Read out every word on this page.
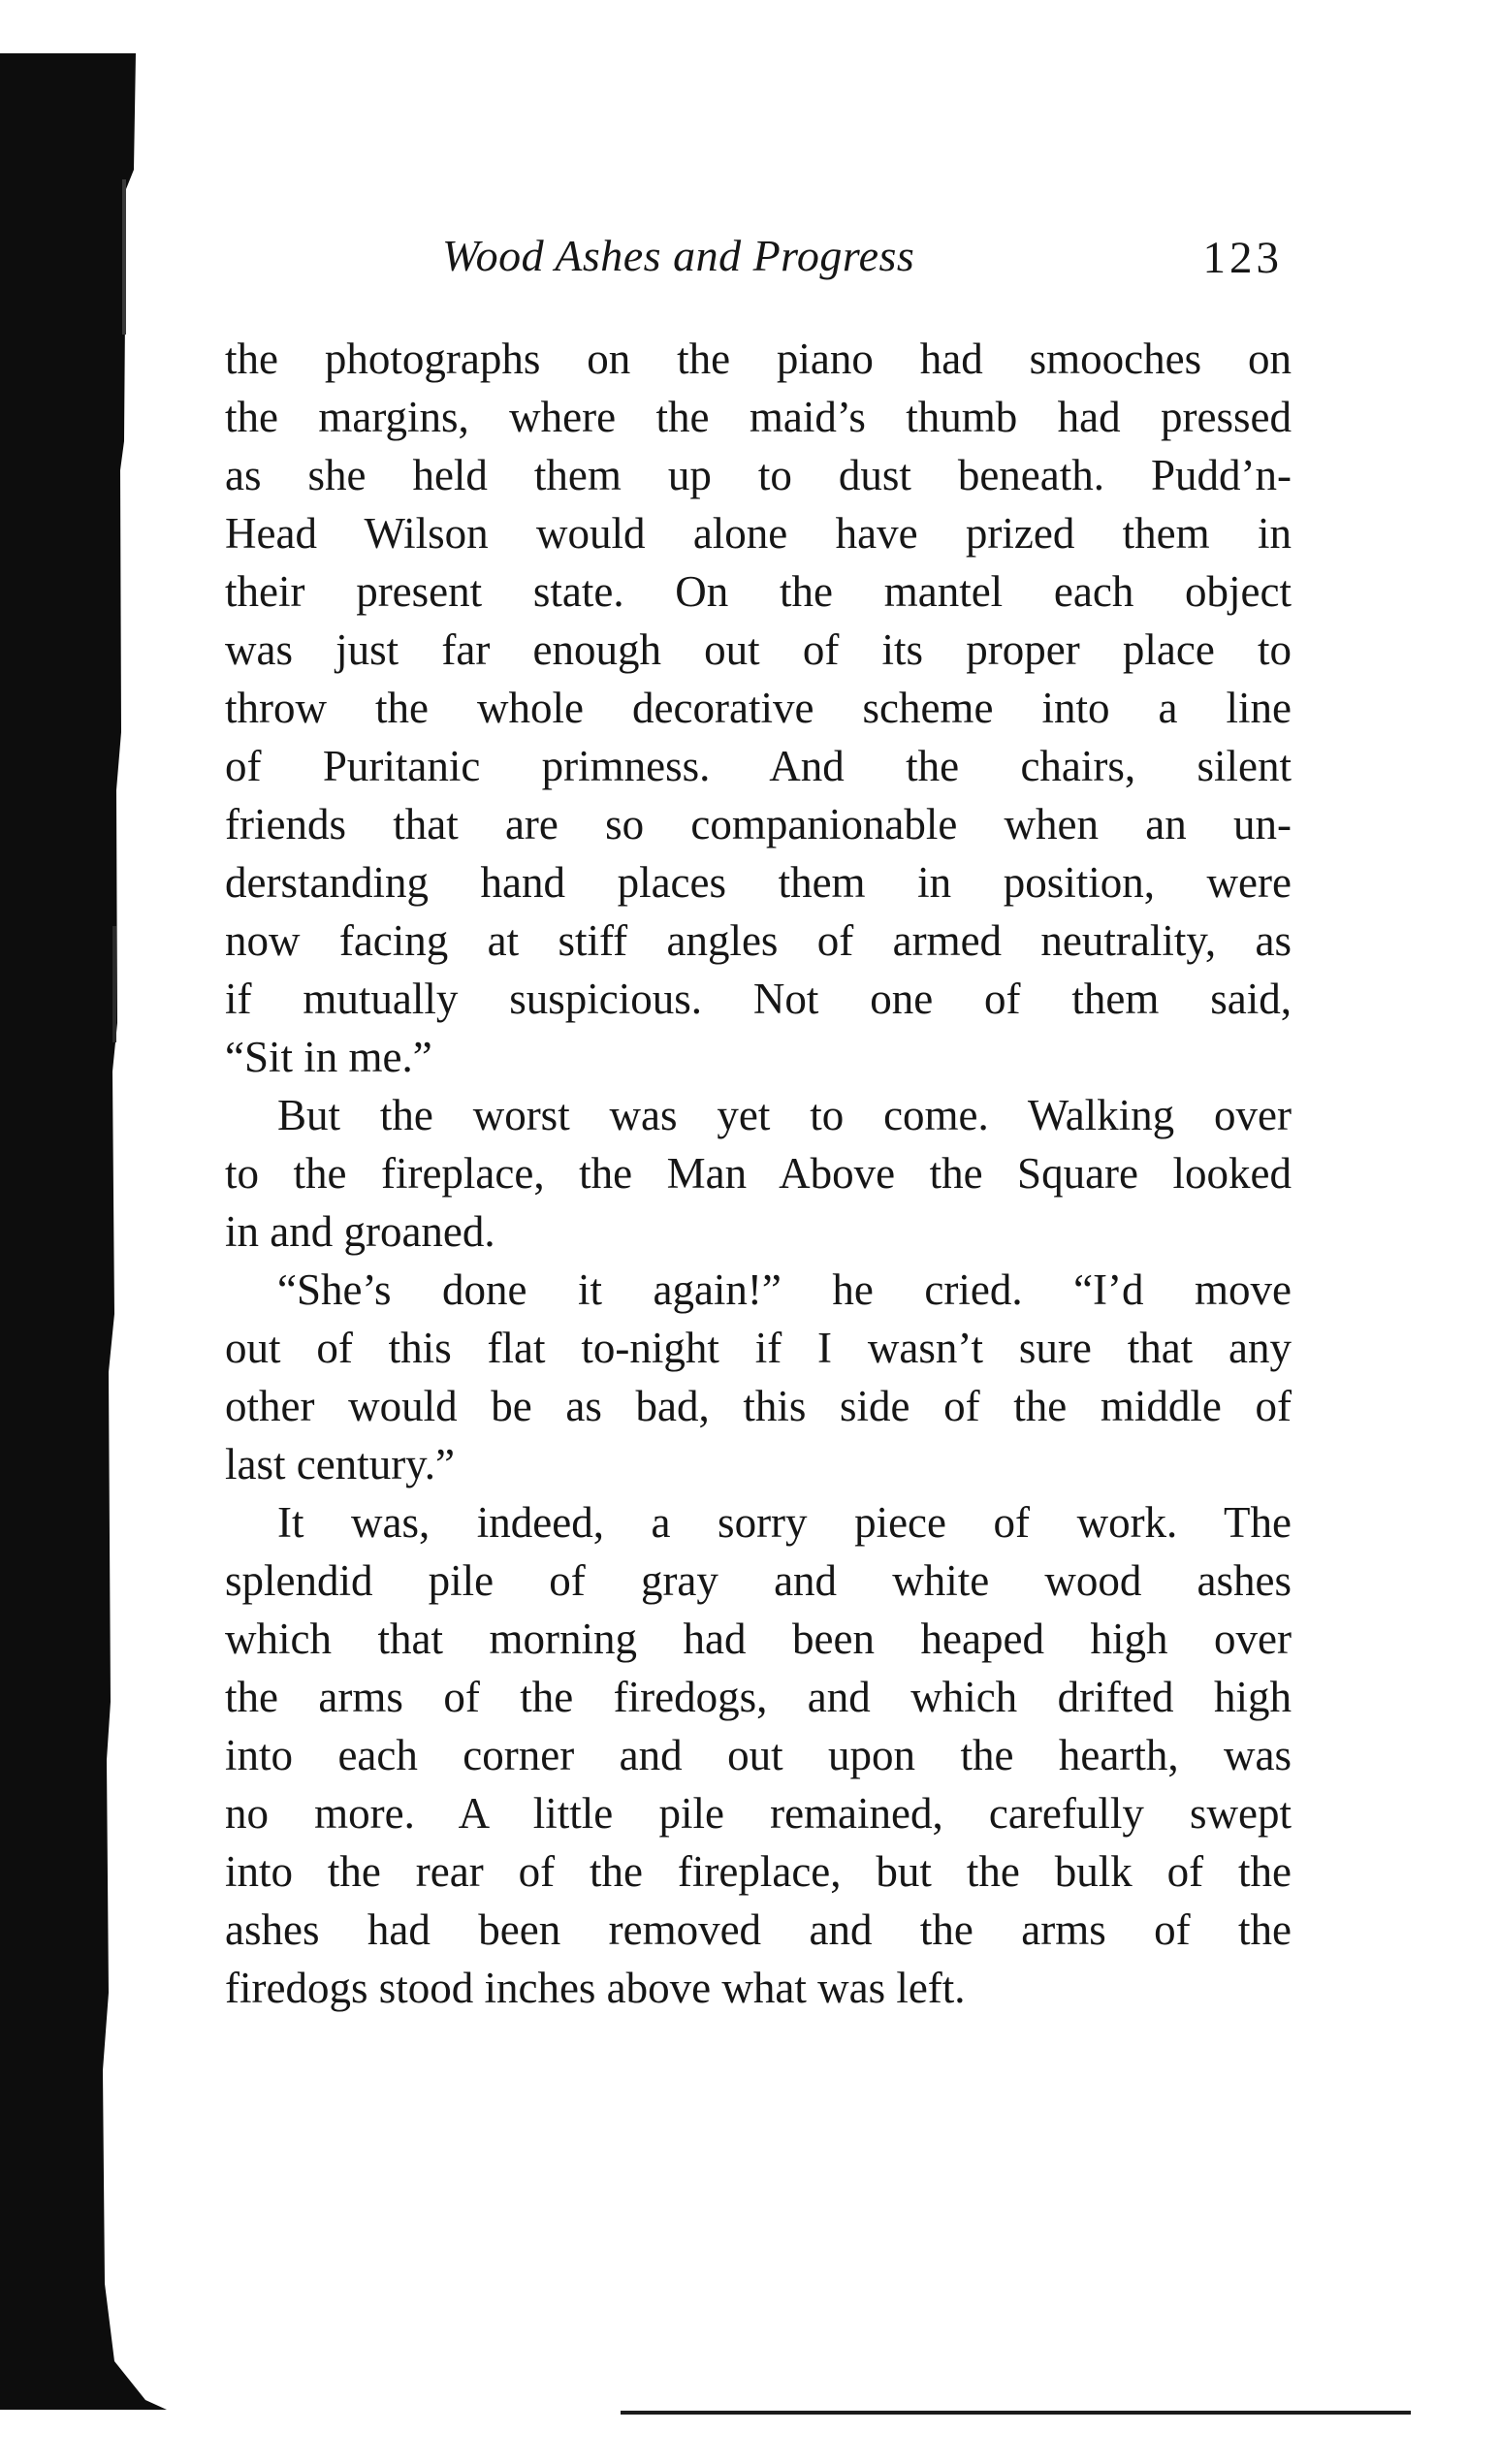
Wood Ashes and Progress	123
the photographs on the piano had smooches on
the margins, where the maid’s thumb had pressed
as she held them up to dust beneath. Pudd’n-
Head Wilson would alone have prized them in
their present state. On the mantel each object
was just far enough out of its proper place to
throw the whole decorative scheme into a line
of Puritanic primness. And the chairs, silent
friends that are so companionable when an un-
derstanding hand places them in position, were
now facing at stiff angles of armed neutrality, as
if mutually suspicious. Not one of them said,
“Sit in me.”
But the worst was yet to come. Walking over
to the fireplace, the Man Above the Square looked
in and groaned.
“She’s done it again!” he cried. “I’d move
out of this flat to-night if I wasn’t sure that any
other would be as bad, this side of the middle of
last century.”
It was, indeed, a sorry piece of work. The
splendid pile of gray and white wood ashes
which that morning had been heaped high over
the arms of the firedogs, and which drifted high
into each corner and out upon the hearth, was
no more. A little pile remained, carefully swept
into the rear of the fireplace, but the bulk of the
ashes had been removed and the arms of the
firedogs stood inches above what was left.
